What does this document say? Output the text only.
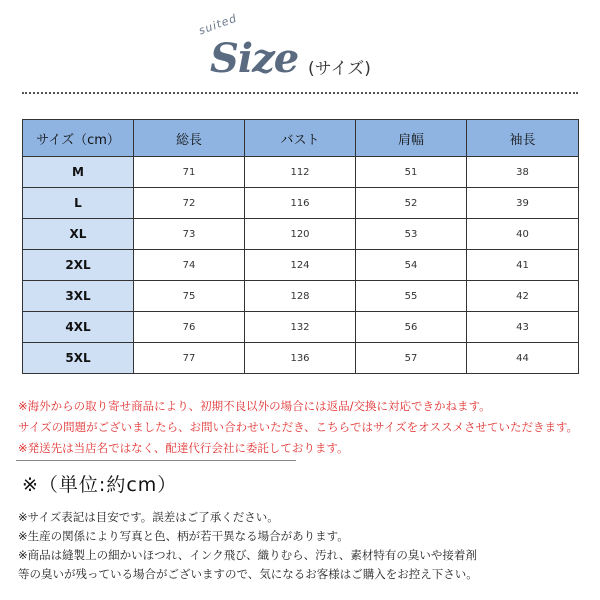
suited
Size (サイズ)
サイズ（cm）	総長	バスト	肩幅	袖長
M	71	112	51	38
L	72	116	52	39
XL	73	120	53	40
2XL	74	124	54	41
3XL	75	128	55	42
4XL	76	132	56	43
5XL	77	136	57	44
※海外からの取り寄せ商品により、初期不良以外の場合には返品/交換に対応できかねます。
サイズの問題がございましたら、お問い合わせいただき、こちらではサイズをオススメさせていただきます。
※発送先は当店名ではなく、配達代行会社に委託しております。
※（単位:約cm）
※サイズ表記は目安です。誤差はご了承ください。
※生産の関係により写真と色、柄が若干異なる場合があります。
※商品は縫製上の細かいほつれ、インク飛び、織りむら、汚れ、素材特有の臭いや接着剤
等の臭いが残っている場合がございますので、気になるお客様はご購入をお控え下さい。
